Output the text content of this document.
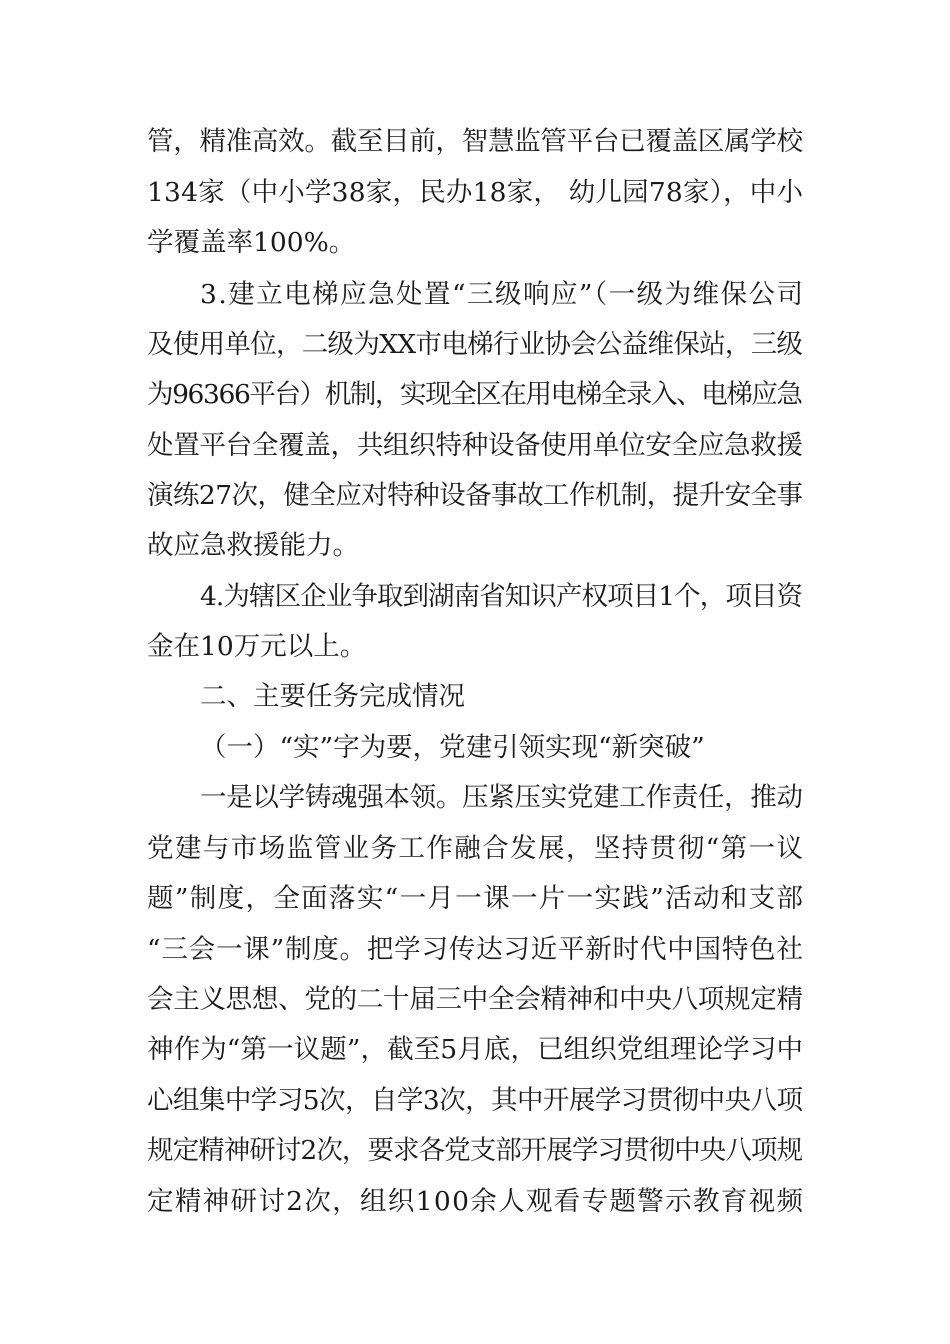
管，精准高效。截至目前，智慧监管平台已覆盖区属学校
134家（中小学38家，民办18家， 幼儿园78家），中小
学覆盖率100%。
3.建立电梯应急处置“三级响应”（一级为维保公司
及使用单位，二级为XX市电梯行业协会公益维保站，三级
为96366平台）机制，实现全区在用电梯全录入、电梯应急
处置平台全覆盖，共组织特种设备使用单位安全应急救援
演练27次，健全应对特种设备事故工作机制，提升安全事
故应急救援能力。
4.为辖区企业争取到湖南省知识产权项目1个，项目资
金在10万元以上。
二、主要任务完成情况
（一）“实”字为要，党建引领实现“新突破”
一是以学铸魂强本领。压紧压实党建工作责任，推动
党建与市场监管业务工作融合发展，坚持贯彻“第一议
题”制度，全面落实“一月一课一片一实践”活动和支部
“三会一课”制度。把学习传达习近平新时代中国特色社
会主义思想、党的二十届三中全会精神和中央八项规定精
神作为“第一议题”，截至5月底，已组织党组理论学习中
心组集中学习5次，自学3次，其中开展学习贯彻中央八项
规定精神研讨2次，要求各党支部开展学习贯彻中央八项规
定精神研讨2次，组织100余人观看专题警示教育视频
